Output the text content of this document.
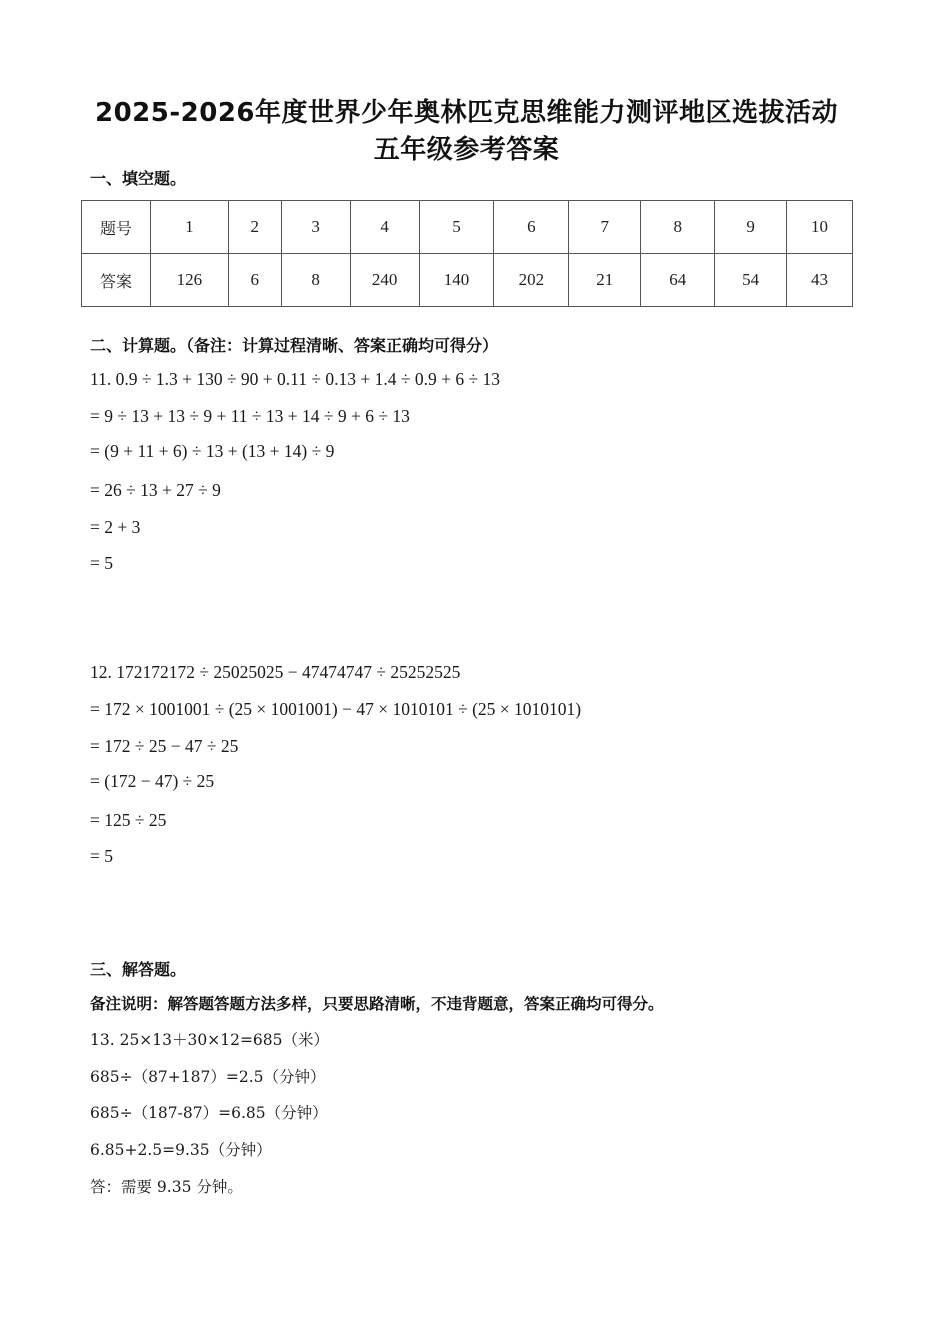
2025-2026年度世界少年奥林匹克思维能力测评地区选拔活动
五年级参考答案
一、填空题。
题号	1	2	3	4	5	6	7	8	9	10
答案	126	6	8	240	140	202	21	64	54	43
二、计算题。（备注：计算过程清晰、答案正确均可得分）
11. 0.9 ÷ 1.3 + 130 ÷ 90 + 0.11 ÷ 0.13 + 1.4 ÷ 0.9 + 6 ÷ 13
= 9 ÷ 13 + 13 ÷ 9 + 11 ÷ 13 + 14 ÷ 9 + 6 ÷ 13
= (9 + 11 + 6) ÷ 13 + (13 + 14) ÷ 9
= 26 ÷ 13 + 27 ÷ 9
= 2 + 3
= 5
12. 172172172 ÷ 25025025 − 47474747 ÷ 25252525
= 172 × 1001001 ÷ (25 × 1001001) − 47 × 1010101 ÷ (25 × 1010101)
= 172 ÷ 25 − 47 ÷ 25
= (172 − 47) ÷ 25
= 125 ÷ 25
= 5
三、解答题。
备注说明：解答题答题方法多样，只要思路清晰，不违背题意，答案正确均可得分。
13. 25×13＋30×12=685（米）
685÷（87+187）=2.5（分钟）
685÷（187-87）=6.85（分钟）
6.85+2.5=9.35（分钟）
答：需要 9.35 分钟。
